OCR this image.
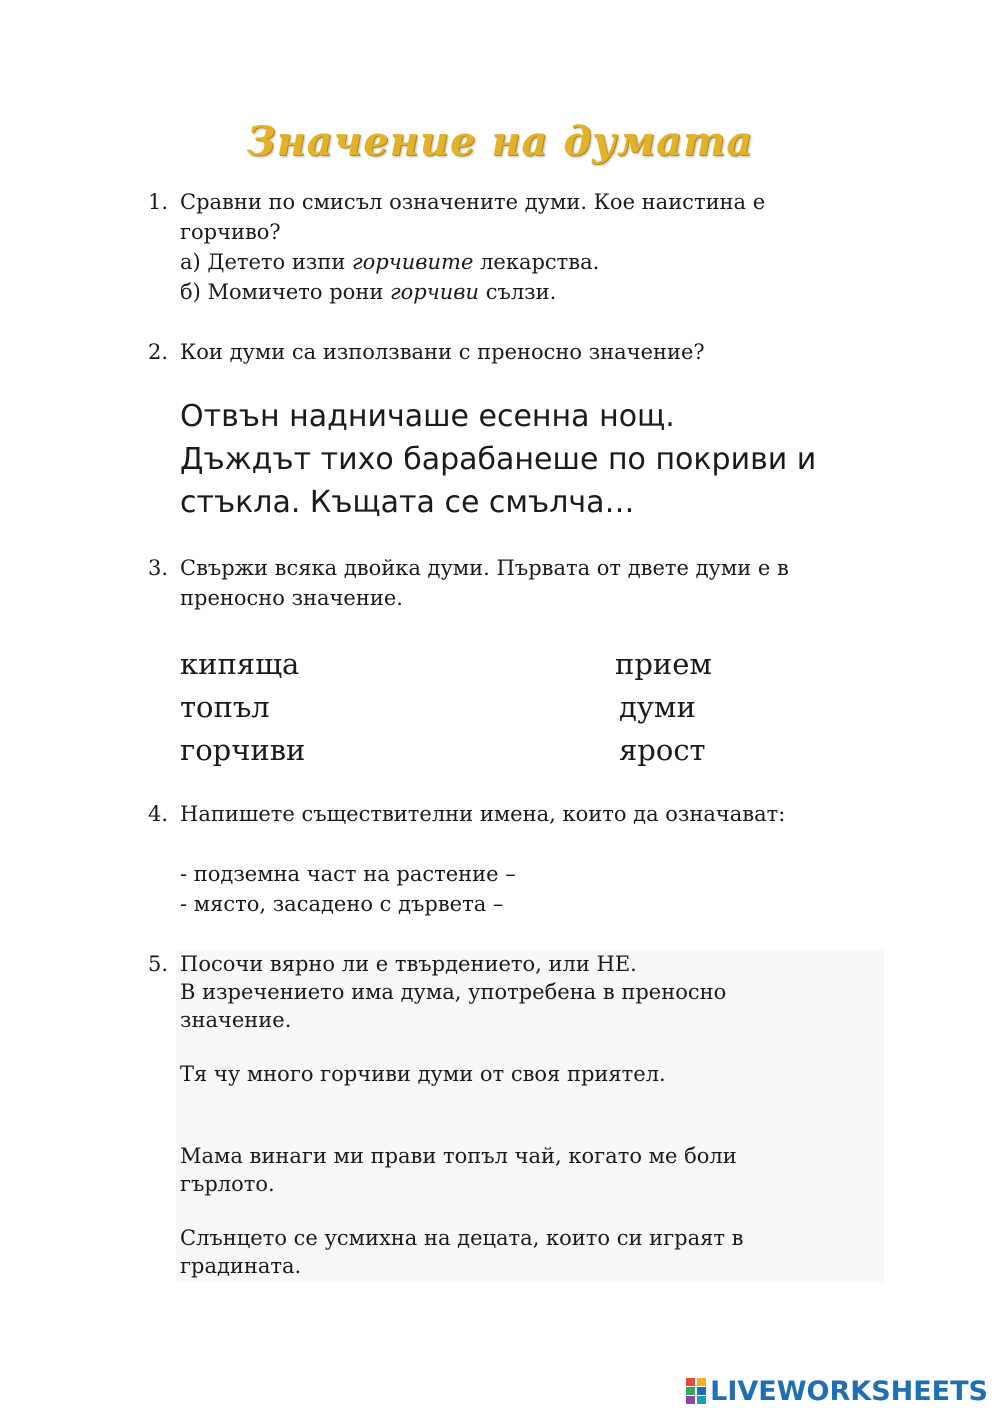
Значение на думата
1. Сравни по смисъл означените думи. Кое наистина е
горчиво?
а) Детето изпи горчивите лекарства.
б) Момичето рони горчиви сълзи.
2. Кои думи са използвани с преносно значение?
Отвън надничаше есенна нощ.
Дъждът тихо барабанеше по покриви и
стъкла. Къщата се смълча…
3. Свържи всяка двойка думи. Първата от двете думи е в
преносно значение.
кипяща
топъл
горчиви
прием
думи
ярост
4. Напишете съществителни имена, които да означават:
- подземна част на растение –
- място, засадено с дървета –
5. Посочи вярно ли е твърдението, или НЕ.
В изречението има дума, употребена в преносно
значение.
Тя чу много горчиви думи от своя приятел.
Мама винаги ми прави топъл чай, когато ме боли
гърлото.
Слънцето се усмихна на децата, които си играят в
градината.
LIVEWORKSHEETS
